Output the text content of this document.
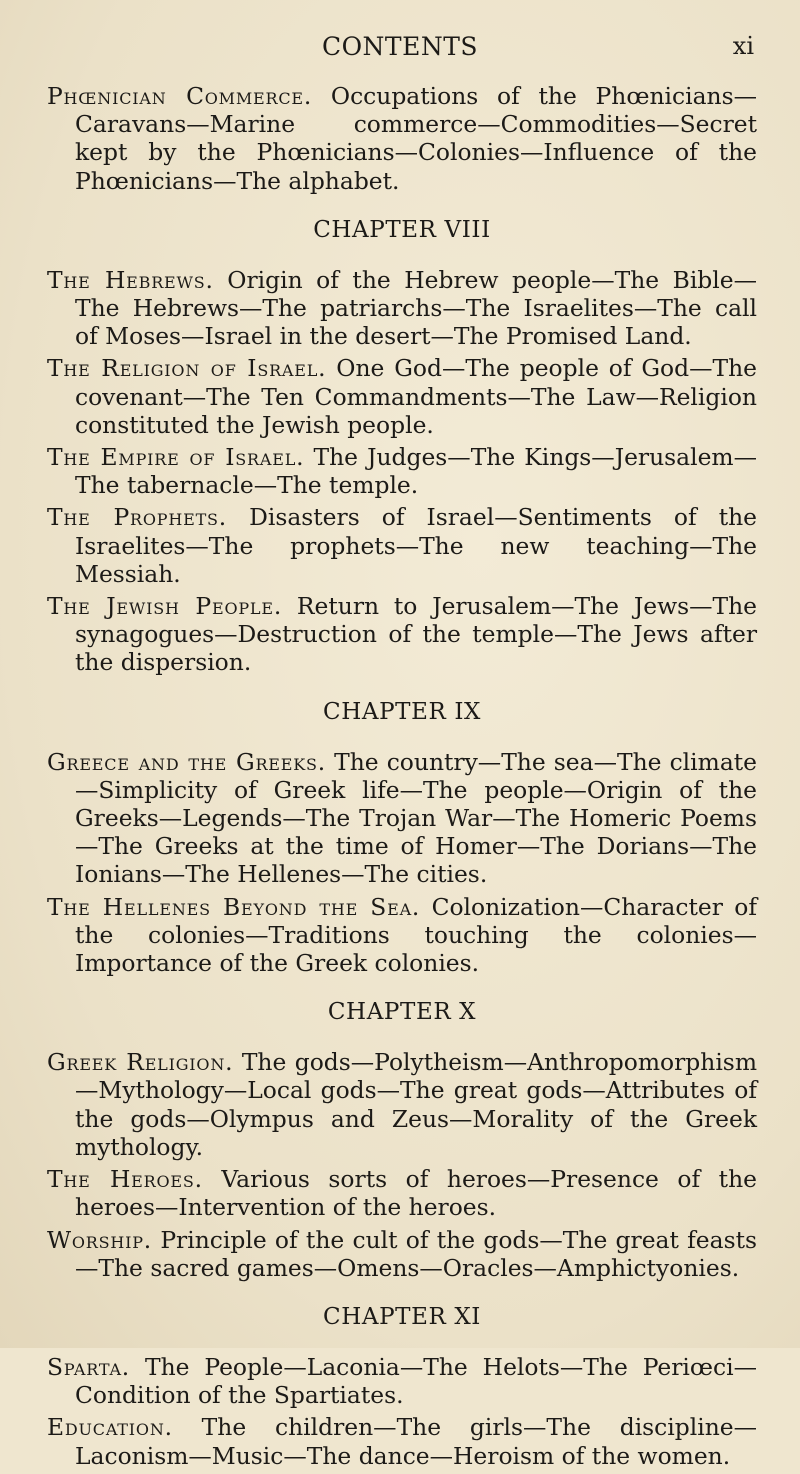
CONTENTS	xi

Phœnician Commerce. Occupations of the Phœnicians—Caravans—Marine commerce—Commodities—Secret kept by the Phœnicians—Colonies—Influence of the Phœnicians—The alphabet.

CHAPTER VIII

The Hebrews. Origin of the Hebrew people—The Bible—The Hebrews—The patriarchs—The Israelites—The call of Moses—Israel in the desert—The Promised Land.

The Religion of Israel. One God—The people of God—The covenant—The Ten Commandments—The Law—Religion constituted the Jewish people.

The Empire of Israel. The Judges—The Kings—Jerusalem—The tabernacle—The temple.

The Prophets. Disasters of Israel—Sentiments of the Israelites—The prophets—The new teaching—The Messiah.

The Jewish People. Return to Jerusalem—The Jews—The synagogues—Destruction of the temple—The Jews after the dispersion.

CHAPTER IX

Greece and the Greeks. The country—The sea—The climate—Simplicity of Greek life—The people—Origin of the Greeks—Legends—The Trojan War—The Homeric Poems—The Greeks at the time of Homer—The Dorians—The Ionians—The Hellenes—The cities.

The Hellenes Beyond the Sea. Colonization—Character of the colonies—Traditions touching the colonies—Importance of the Greek colonies.

CHAPTER X

Greek Religion. The gods—Polytheism—Anthropomorphism—Mythology—Local gods—The great gods—Attributes of the gods—Olympus and Zeus—Morality of the Greek mythology.

The Heroes. Various sorts of heroes—Presence of the heroes—Intervention of the heroes.

Worship. Principle of the cult of the gods—The great feasts—The sacred games—Omens—Oracles—Amphictyonies.

CHAPTER XI

Sparta. The People—Laconia—The Helots—The Periœci—Condition of the Spartiates.

Education. The children—The girls—The discipline—Laconism—Music—The dance—Heroism of the women.
